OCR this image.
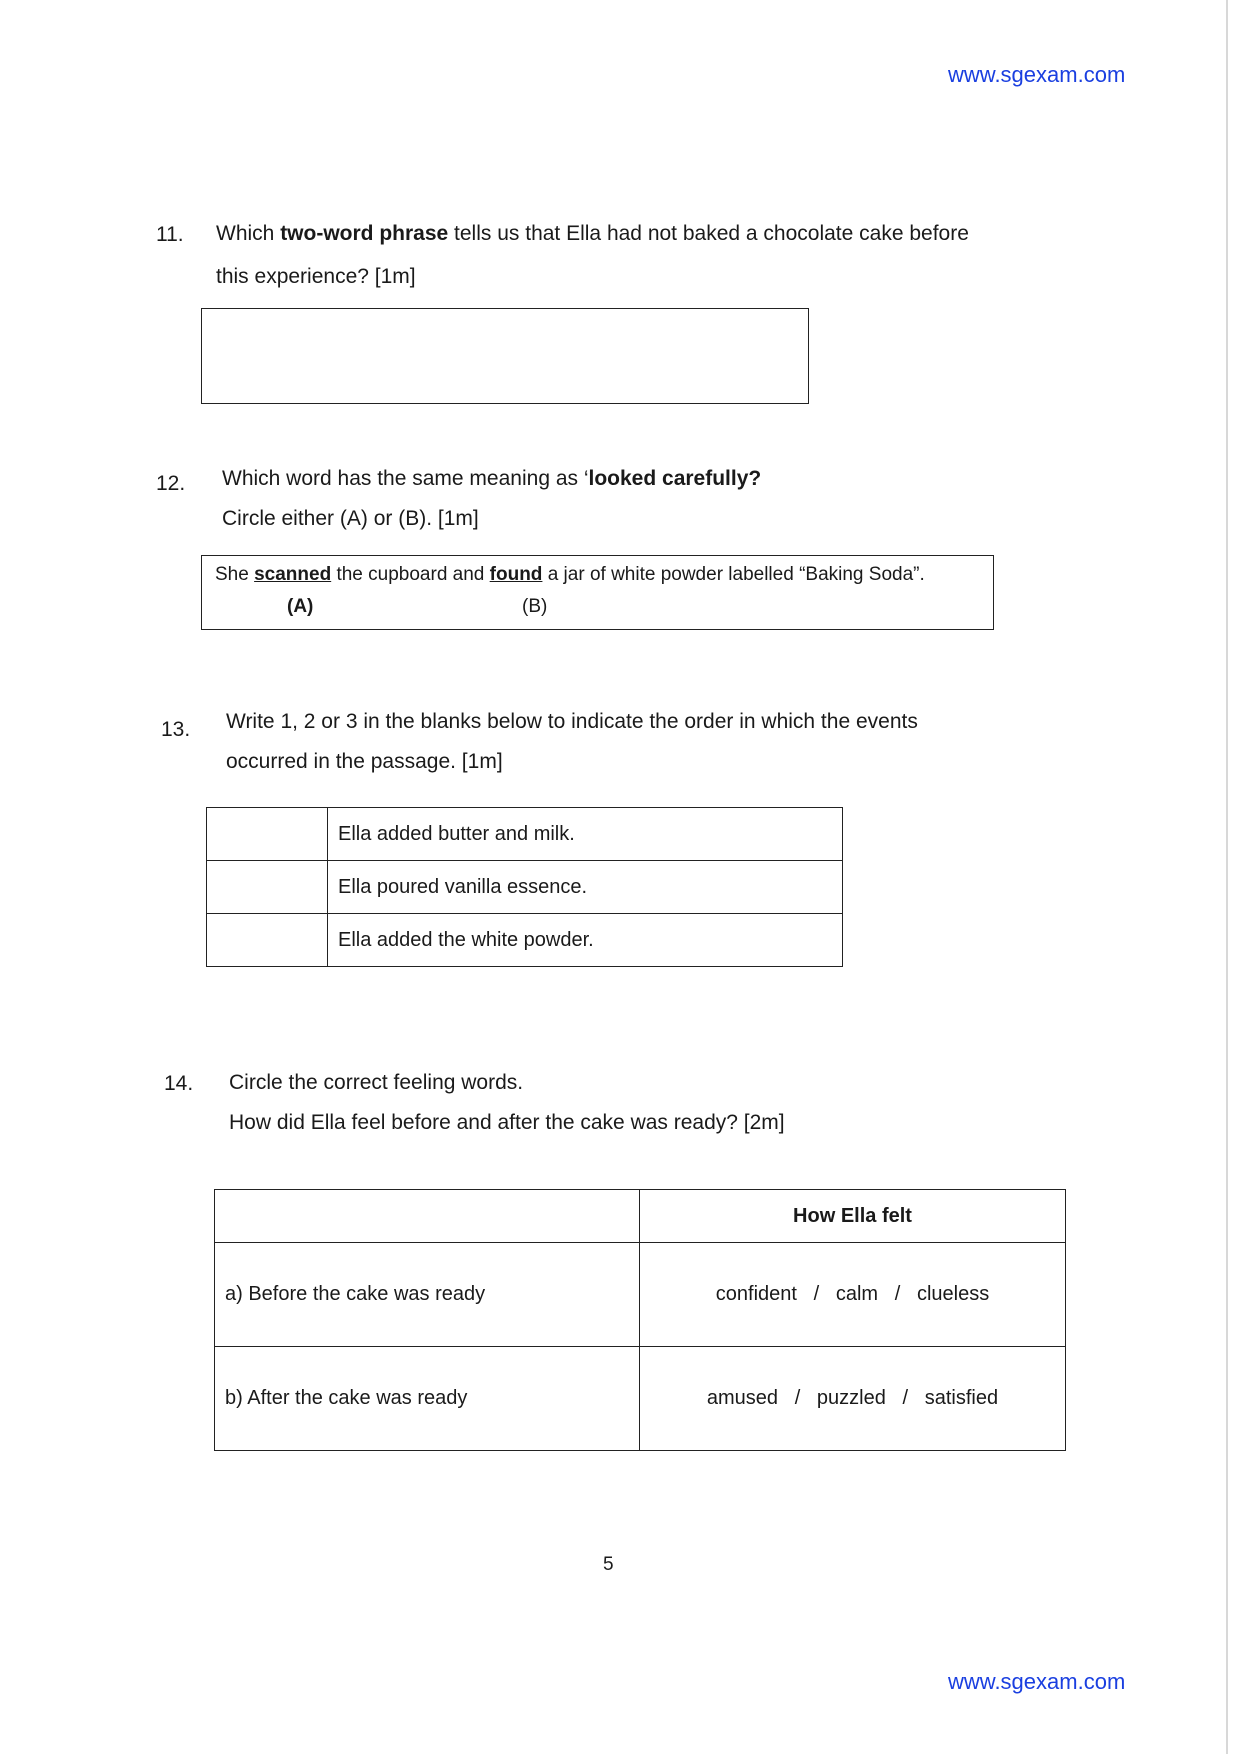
www.sgexam.com
11. Which two-word phrase tells us that Ella had not baked a chocolate cake before
this experience? [1m]
12. Which word has the same meaning as ‘looked carefully?
Circle either (A) or (B). [1m]
She scanned the cupboard and found a jar of white powder labelled “Baking Soda”.
(A)	(B)
13. Write 1, 2 or 3 in the blanks below to indicate the order in which the events
occurred in the passage. [1m]
	Ella added butter and milk.
	Ella poured vanilla essence.
	Ella added the white powder.
14. Circle the correct feeling words.
How did Ella feel before and after the cake was ready? [2m]
	How Ella felt
a) Before the cake was ready	confident   /   calm   /   clueless
b) After the cake was ready	amused   /   puzzled   /   satisfied
5
www.sgexam.com
